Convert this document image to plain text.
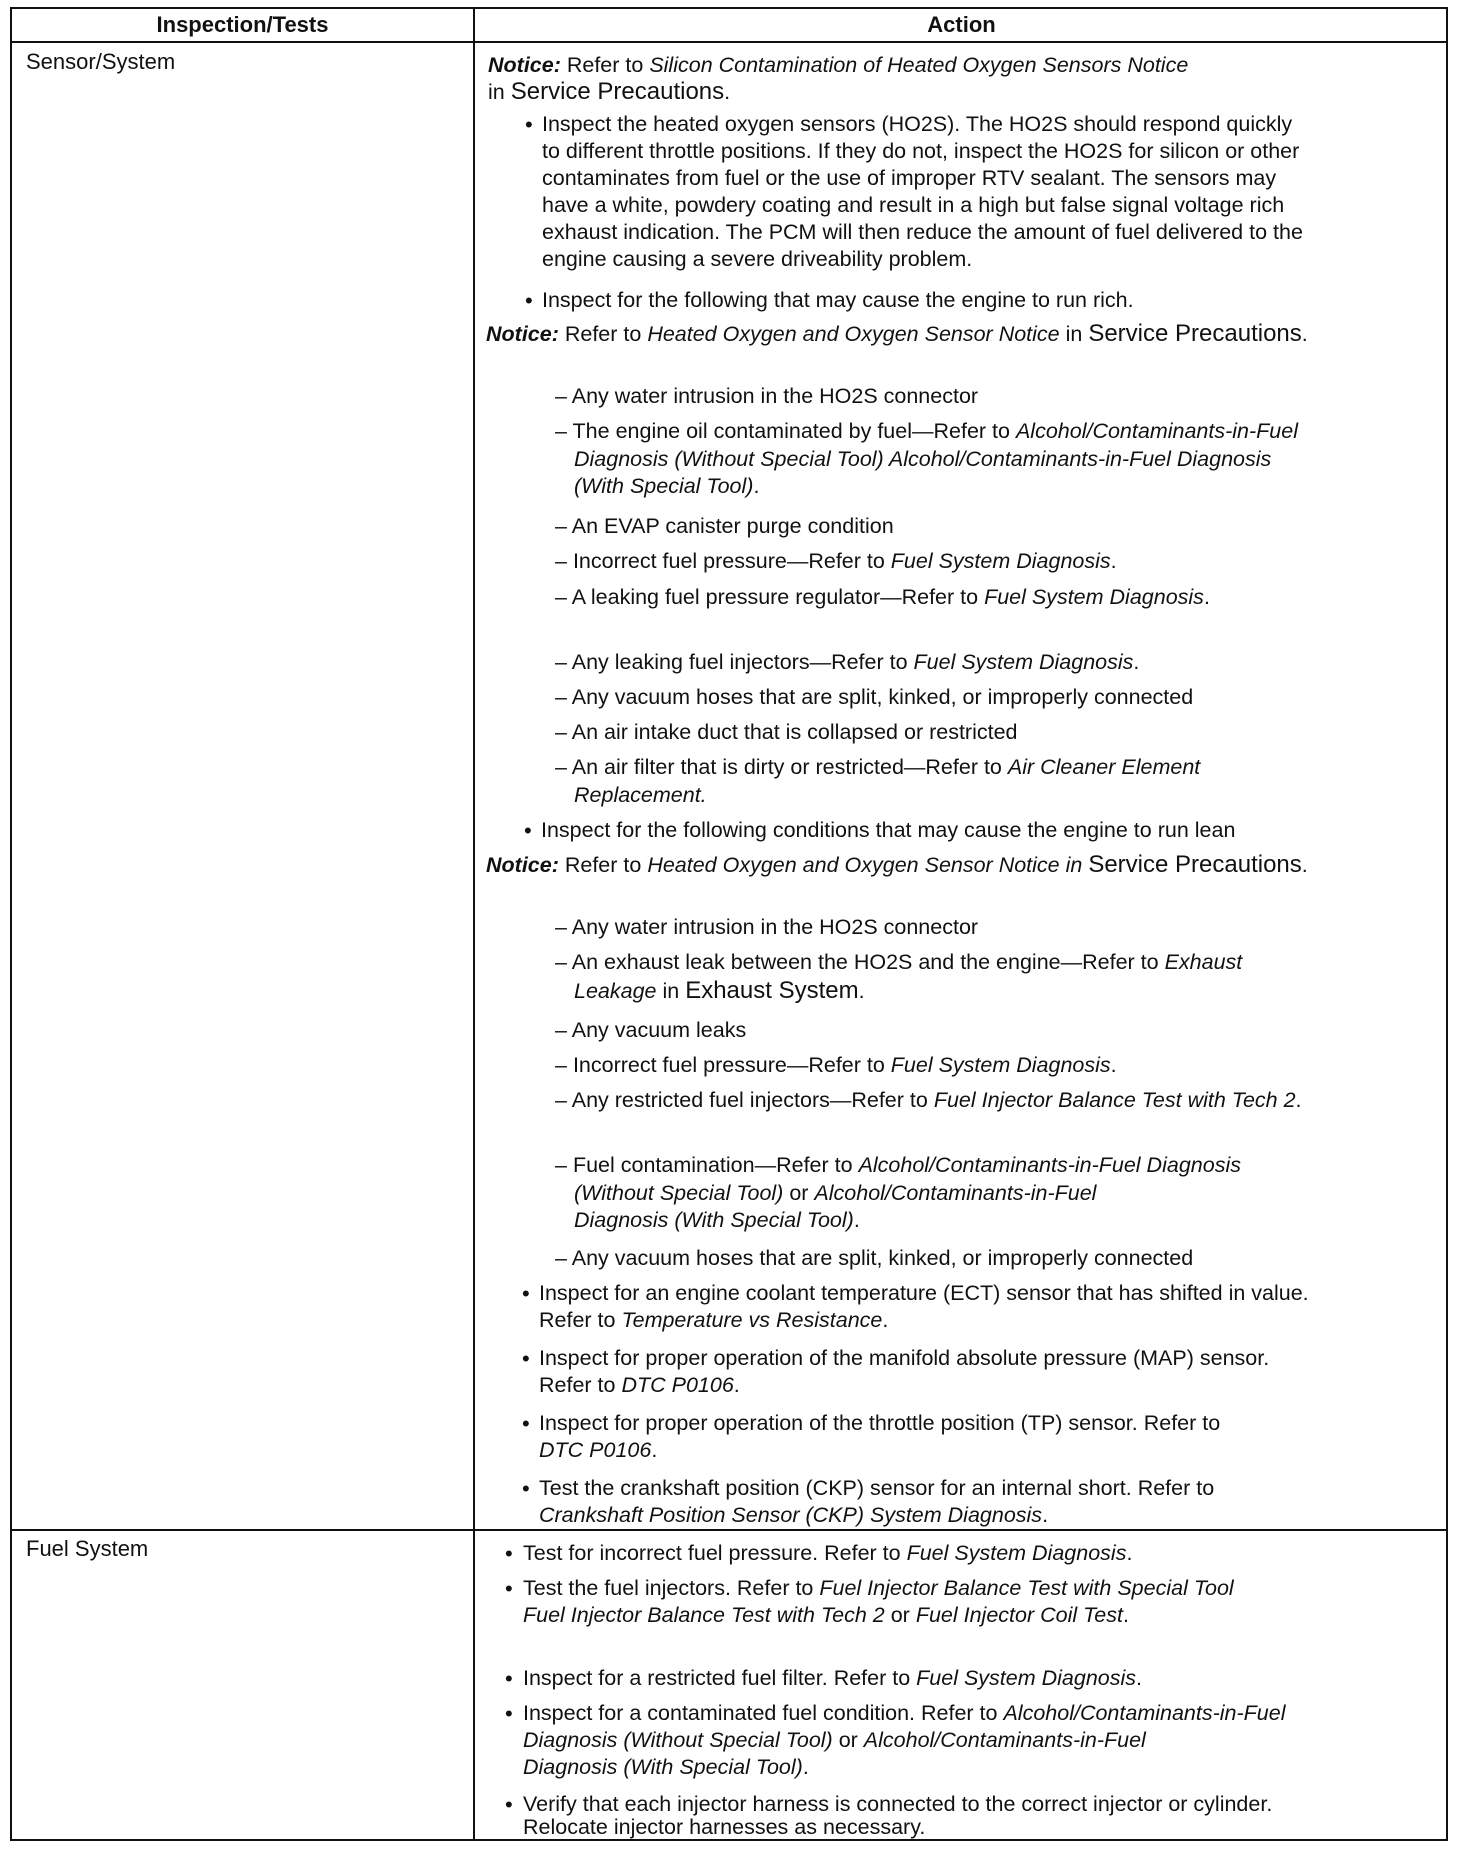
Inspection/Tests	Action
Sensor/System	Notice: Refer to Silicon Contamination of Heated Oxygen Sensors Notice
in Service Precautions.
• Inspect the heated oxygen sensors (HO2S). The HO2S should respond quickly
to different throttle positions. If they do not, inspect the HO2S for silicon or other
contaminates from fuel or the use of improper RTV sealant. The sensors may
have a white, powdery coating and result in a high but false signal voltage rich
exhaust indication. The PCM will then reduce the amount of fuel delivered to the
engine causing a severe driveability problem.
• Inspect for the following that may cause the engine to run rich.
Notice: Refer to Heated Oxygen and Oxygen Sensor Notice in Service Precautions.
– Any water intrusion in the HO2S connector
– The engine oil contaminated by fuel—Refer to Alcohol/Contaminants-in-Fuel
Diagnosis (Without Special Tool) Alcohol/Contaminants-in-Fuel Diagnosis
(With Special Tool).
– An EVAP canister purge condition
– Incorrect fuel pressure—Refer to Fuel System Diagnosis.
– A leaking fuel pressure regulator—Refer to Fuel System Diagnosis.
– Any leaking fuel injectors—Refer to Fuel System Diagnosis.
– Any vacuum hoses that are split, kinked, or improperly connected
– An air intake duct that is collapsed or restricted
– An air filter that is dirty or restricted—Refer to Air Cleaner Element
Replacement.
• Inspect for the following conditions that may cause the engine to run lean
Notice: Refer to Heated Oxygen and Oxygen Sensor Notice in Service Precautions.
– Any water intrusion in the HO2S connector
– An exhaust leak between the HO2S and the engine—Refer to Exhaust
Leakage in Exhaust System.
– Any vacuum leaks
– Incorrect fuel pressure—Refer to Fuel System Diagnosis.
– Any restricted fuel injectors—Refer to Fuel Injector Balance Test with Tech 2.
– Fuel contamination—Refer to Alcohol/Contaminants-in-Fuel Diagnosis
(Without Special Tool) or Alcohol/Contaminants-in-Fuel
Diagnosis (With Special Tool).
– Any vacuum hoses that are split, kinked, or improperly connected
• Inspect for an engine coolant temperature (ECT) sensor that has shifted in value.
Refer to Temperature vs Resistance.
• Inspect for proper operation of the manifold absolute pressure (MAP) sensor.
Refer to DTC P0106.
• Inspect for proper operation of the throttle position (TP) sensor. Refer to
DTC P0106.
• Test the crankshaft position (CKP) sensor for an internal short. Refer to
Crankshaft Position Sensor (CKP) System Diagnosis.
Fuel System	• Test for incorrect fuel pressure. Refer to Fuel System Diagnosis.
• Test the fuel injectors. Refer to Fuel Injector Balance Test with Special Tool
Fuel Injector Balance Test with Tech 2 or Fuel Injector Coil Test.
• Inspect for a restricted fuel filter. Refer to Fuel System Diagnosis.
• Inspect for a contaminated fuel condition. Refer to Alcohol/Contaminants-in-Fuel
Diagnosis (Without Special Tool) or Alcohol/Contaminants-in-Fuel
Diagnosis (With Special Tool).
• Verify that each injector harness is connected to the correct injector or cylinder.
Relocate injector harnesses as necessary.
